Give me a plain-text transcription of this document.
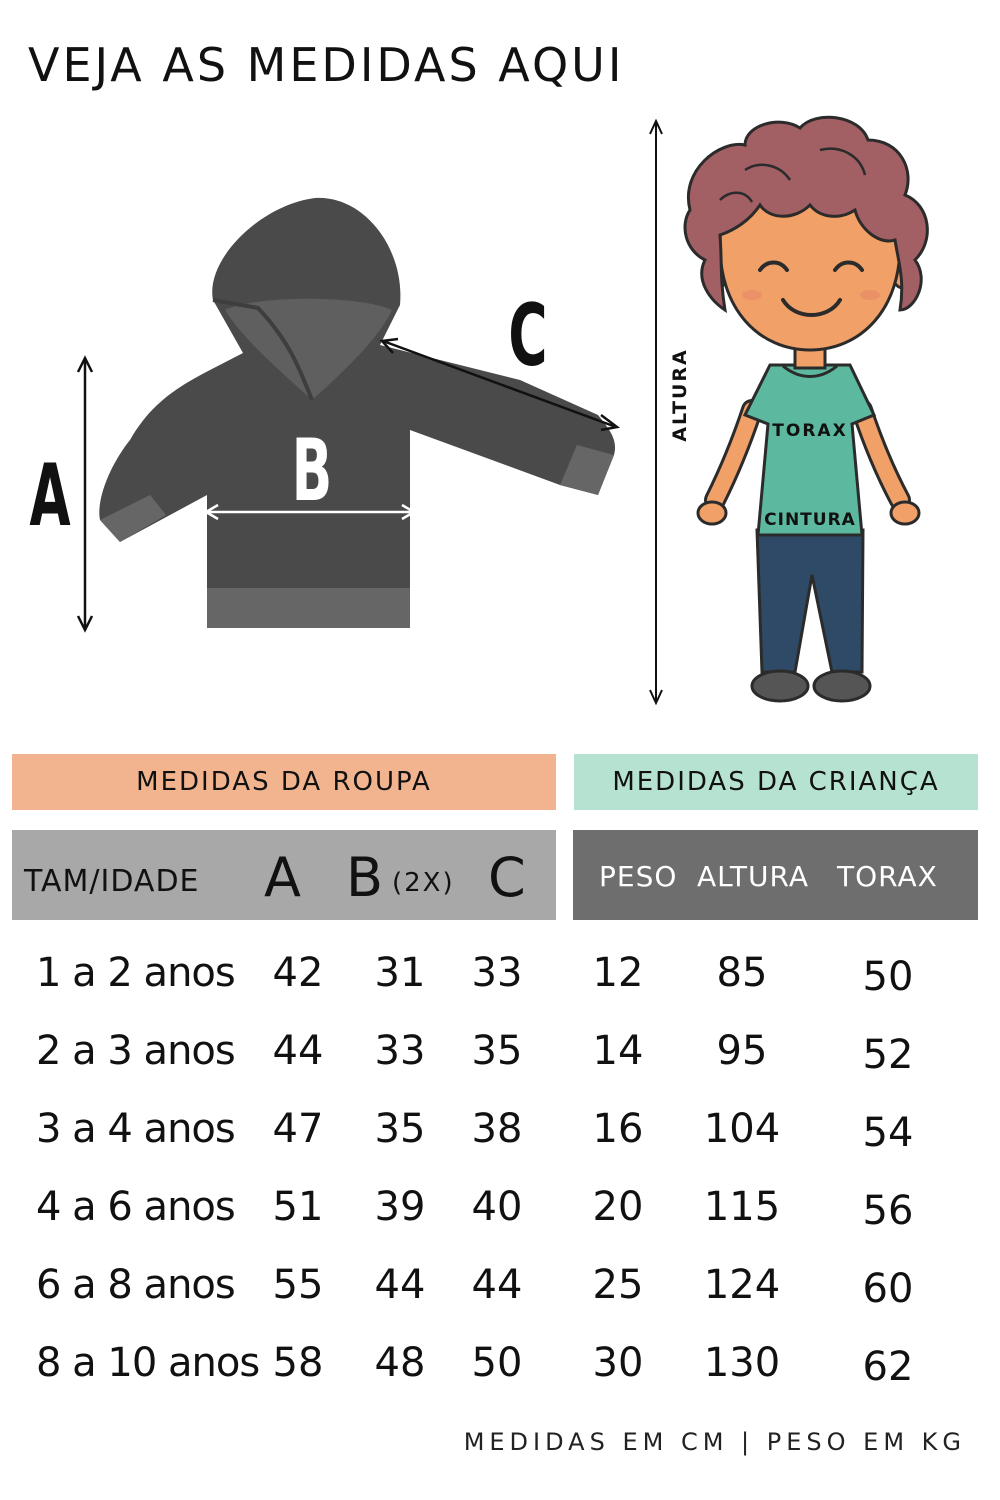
VEJA AS MEDIDAS AQUI
A	B
C
ALTURA	TORAX
CINTURA
MEDIDAS DA ROUPA	MEDIDAS DA CRIANÇA
TAM/IDADE A B (2X) C	PESO ALTURA TORAX
1 a 2 anos 42 31 33 12 85 50
2 a 3 anos 44 33 35 14 95 52
3 a 4 anos 47 35 38 16 104 54
4 a 6 anos 51 39 40 20 115 56
6 a 8 anos 55 44 44 25 124 60
8 a 10 anos 58 48 50 30 130 62
MEDIDAS EM CM | PESO EM KG
